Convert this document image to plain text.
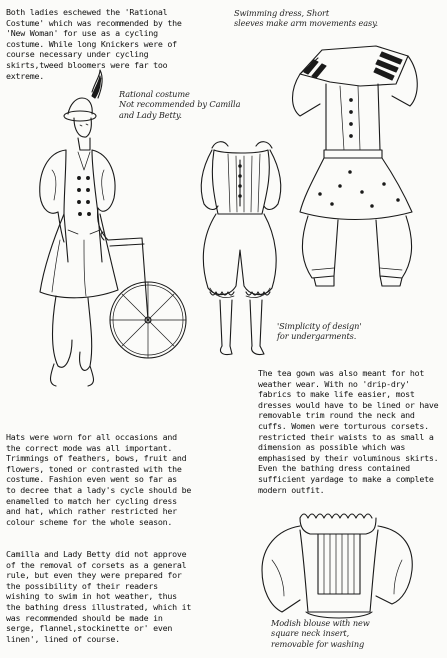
Both ladies eschewed the 'Rational
Costume' which was recommended by the
'New Woman' for use as a cycling
costume. While long Knickers were of
course necessary under cycling
skirts,tweed bloomers were far too
extreme.
The tea gown was also meant for hot
weather wear. With no 'drip-dry'
fabrics to make life easier, most
dresses would have to be lined or have
removable trim round the neck and
cuffs. Women were torturous corsets.
restricted their waists to as small a
dimension as possible which was
emphasised by their voluminous skirts.
Even the bathing dress contained
sufficient yardage to make a complete
modern outfit.
Hats were worn for all occasions and
the correct mode was all important.
Trimmings of feathers, bows, fruit and
flowers, toned or contrasted with the
costume. Fashion even went so far as
to decree that a lady's cycle should be
enamelled to match her cycling dress
and hat, which rather restricted her
colour scheme for the whole season.
Camilla and Lady Betty did not approve
of the removal of corsets as a general
rule, but even they were prepared for
the possibility of their readers
wishing to swim in hot weather, thus
the bathing dress illustrated, which it
was recommended should be made in
serge, flannel,stockinette or' even
linen', lined of course.
Swimming dress, Short
sleeves make arm movements easy.
Rational costume
Not recommended by Camilla
and Lady Betty.
'Simplicity of design'
for undergarments.
Modish blouse with new
square neck insert,
removable for washing
